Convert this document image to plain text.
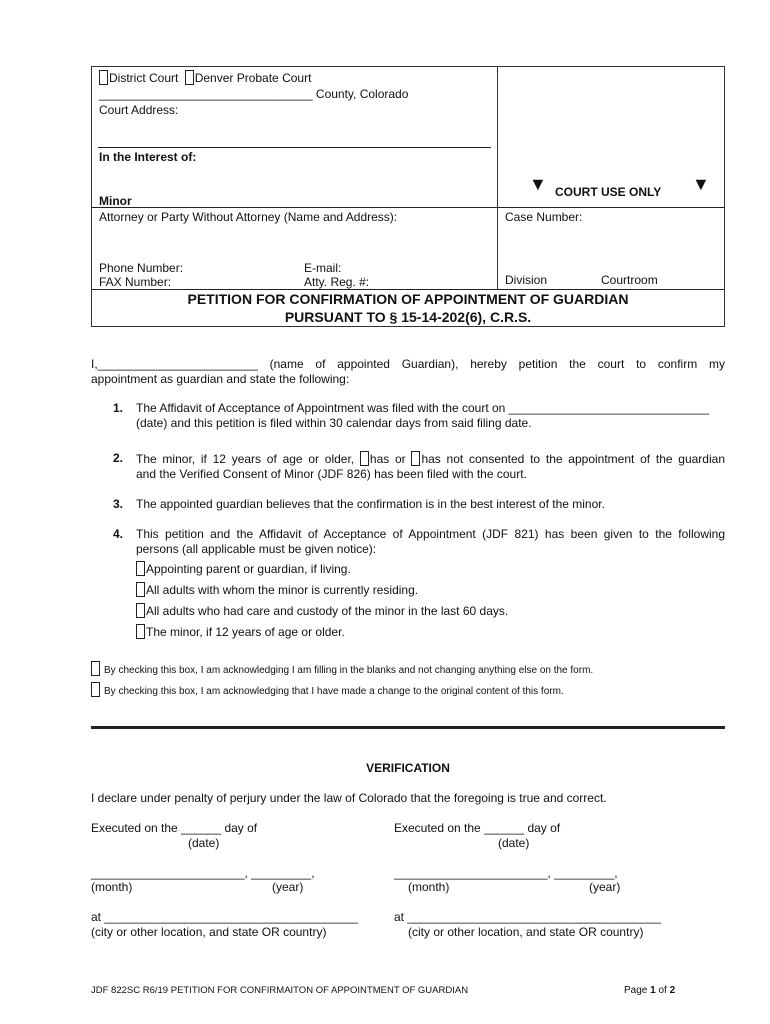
District Court Denver Probate Court
________________________________ County, Colorado
Court Address:
In the Interest of:
Minor
Attorney or Party Without Attorney (Name and Address):
Phone Number:	E-mail:
FAX Number:	Atty. Reg. #:
▼ COURT USE ONLY ▼
Case Number:
Division	Courtroom
PETITION FOR CONFIRMATION OF APPOINTMENT OF GUARDIAN
PURSUANT TO § 15-14-202(6), C.R.S.
I,________________________ (name of appointed Guardian), hereby petition the court to confirm my
appointment as guardian and state the following:
1. The Affidavit of Acceptance of Appointment was filed with the court on ______________________________
(date) and this petition is filed within 30 calendar days from said filing date.
2. The minor, if 12 years of age or older, has or has not consented to the appointment of the guardian
and the Verified Consent of Minor (JDF 826) has been filed with the court.
3. The appointed guardian believes that the confirmation is in the best interest of the minor.
4. This petition and the Affidavit of Acceptance of Appointment (JDF 821) has been given to the following
persons (all applicable must be given notice):
Appointing parent or guardian, if living.
All adults with whom the minor is currently residing.
All adults who had care and custody of the minor in the last 60 days.
The minor, if 12 years of age or older.
By checking this box, I am acknowledging I am filling in the blanks and not changing anything else on the form.
By checking this box, I am acknowledging that I have made a change to the original content of this form.
VERIFICATION
I declare under penalty of perjury under the law of Colorado that the foregoing is true and correct.
Executed on the ______ day of
(date)
_______________________, _________,
(month)	(year)
at ______________________________________
(city or other location, and state OR country)
Executed on the ______ day of
(date)
_______________________, _________,
(month)	(year)
at ______________________________________
(city or other location, and state OR country)
JDF 822SC R6/19 PETITION FOR CONFIRMAITON OF APPOINTMENT OF GUARDIAN	Page 1 of 2
